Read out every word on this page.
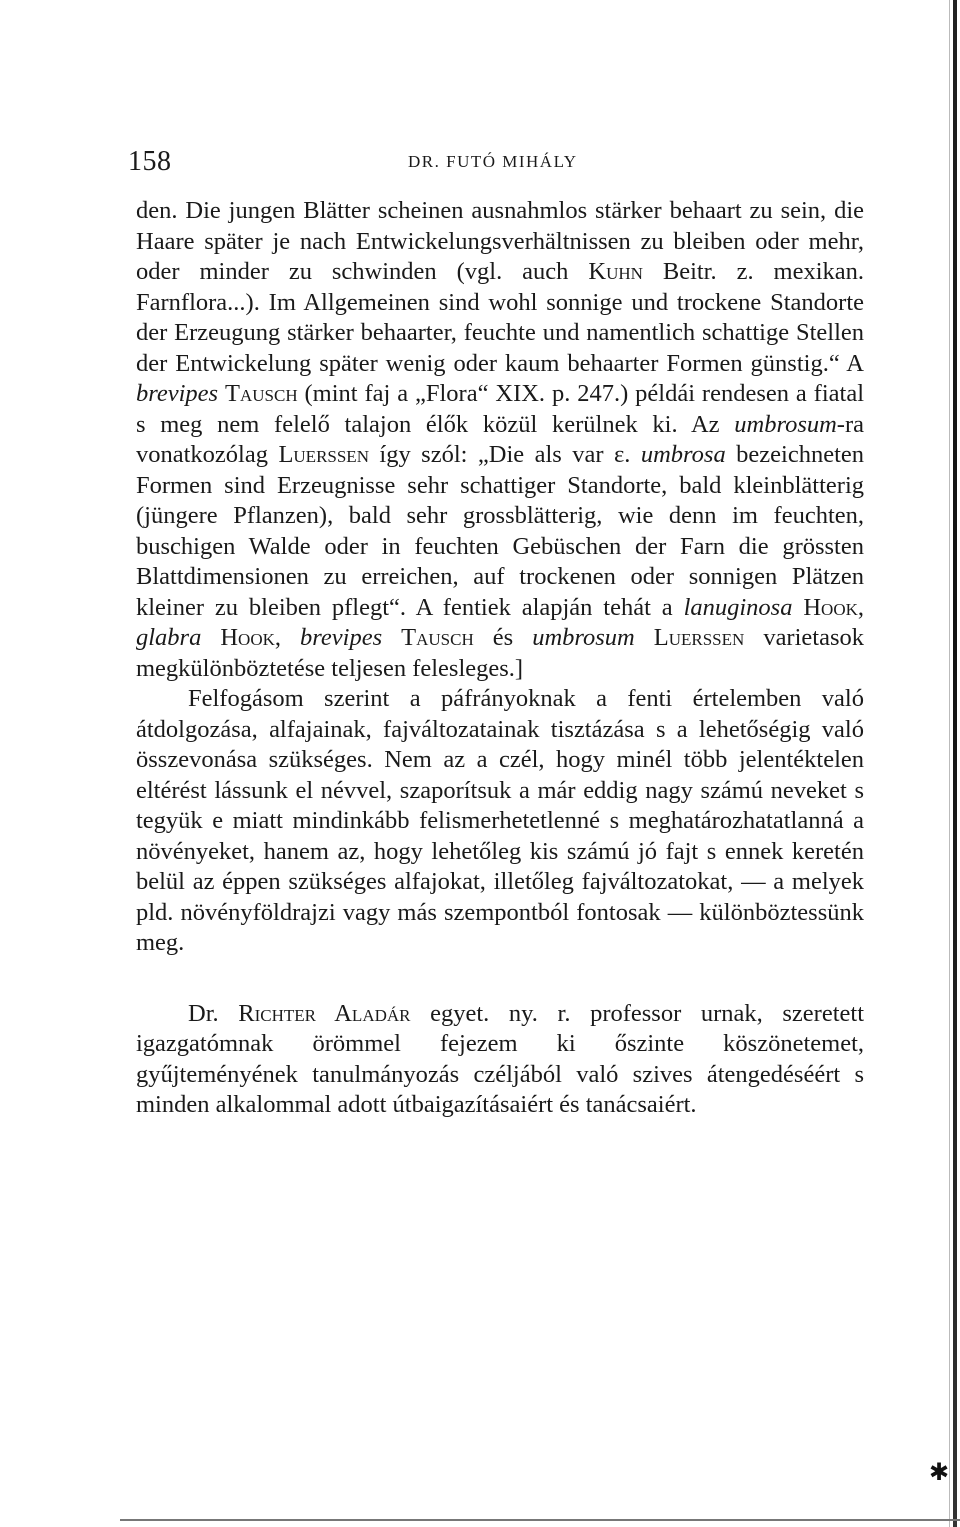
158	DR. FUTÓ MIHÁLY

den. Die jungen Blätter scheinen ausnahmlos stärker behaart zu sein, die Haare später je nach Entwickelungsverhältnissen zu bleiben oder mehr, oder minder zu schwinden (vgl. auch Kuhn Beitr. z. mexikan. Farnflora...). Im Allgemeinen sind wohl sonnige und trockene Standorte der Erzeugung stärker behaarter, feuchte und namentlich schattige Stellen der Entwickelung später wenig oder kaum behaarter Formen günstig.“ A brevipes Tausch (mint faj a „Flora“ XIX. p. 247.) példái rendesen a fiatal s meg nem felelő talajon élők közül kerülnek ki. Az umbrosum-ra vonatkozólag Luerssen így szól: „Die als var ε. umbrosa bezeichneten Formen sind Erzeugnisse sehr schattiger Standorte, bald kleinblätterig (jüngere Pflanzen), bald sehr grossblätterig, wie denn im feuchten, buschigen Walde oder in feuchten Gebüschen der Farn die grössten Blattdimensionen zu erreichen, auf trockenen oder sonnigen Plätzen kleiner zu bleiben pflegt“. A fentiek alapján tehát a lanuginosa Hook, glabra Hook, brevipes Tausch és umbrosum Luerssen varietasok megkülönböztetése teljesen felesleges.]

Felfogásom szerint a páfrányoknak a fenti értelemben való átdolgozása, alfajainak, fajváltozatainak tisztázása s a lehetőségig való összevonása szükséges. Nem az a czél, hogy minél több jelentéktelen eltérést lássunk el névvel, szaporítsuk a már eddig nagy számú neveket s tegyük e miatt mindinkább felismerhetetlenné s meghatározhatatlanná a növényeket, hanem az, hogy lehetőleg kis számú jó fajt s ennek keretén belül az éppen szükséges alfajokat, illetőleg fajváltozatokat, — a melyek pld. növényföldrajzi vagy más szempontból fontosak — különböztessünk meg.

Dr. Richter Aladár egyet. ny. r. professor urnak, szeretett igazgatómnak örömmel fejezem ki őszinte köszönetemet, gyűjteményének tanulmányozás czéljából való szives átengedéséért s minden alkalommal adott útbaigazításaiért és tanácsaiért.

✱
